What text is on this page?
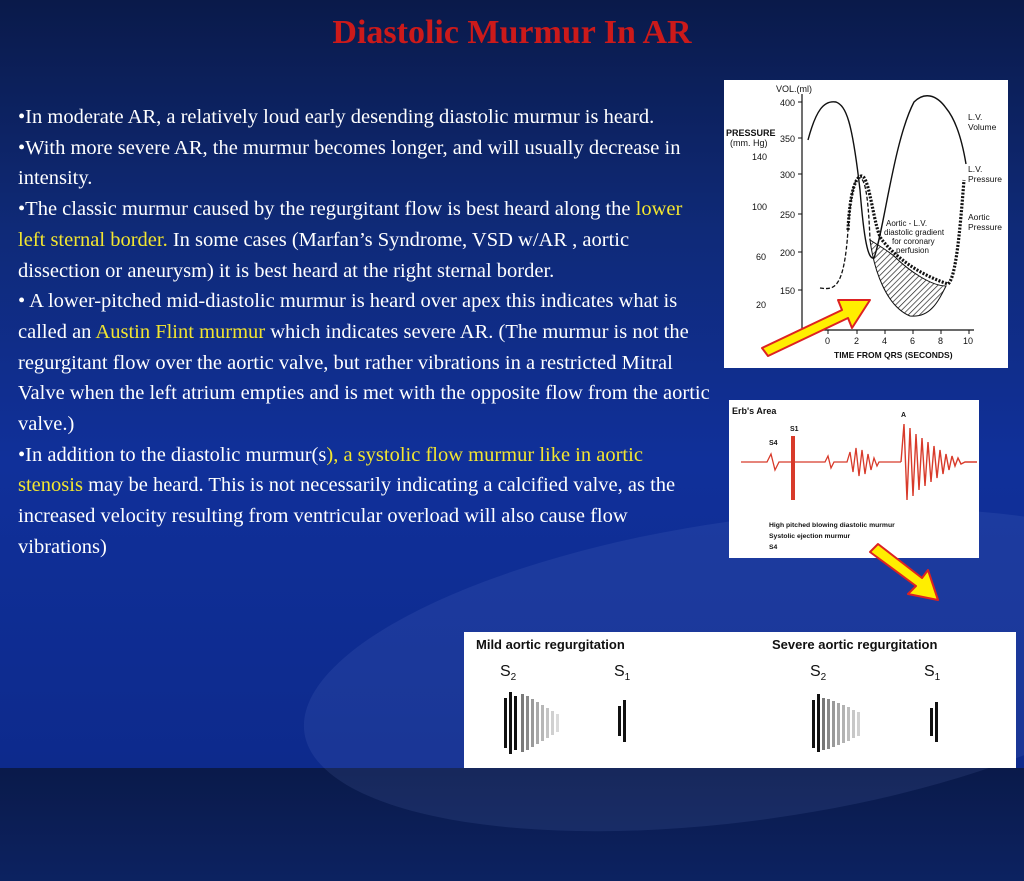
Diastolic Murmur In AR

•In moderate AR, a relatively loud early desending diastolic murmur is heard.

•With more severe AR, the murmur becomes longer, and will usually decrease in intensity.

•The classic murmur caused by the regurgitant flow is best heard along the lower left sternal border. In some cases (Marfan’s Syndrome, VSD w/AR , aortic dissection or aneurysm) it is best heard at the right sternal border.

• A lower-pitched mid-diastolic murmur is heard over apex this indicates what is called an Austin Flint murmur which indicates severe AR. (The murmur is not the regurgitant flow over the aortic valve, but rather vibrations in a restricted Mitral Valve when the left atrium empties and is met with the opposite flow from the aortic valve.)

•In addition to the diastolic murmur(s), a systolic flow murmur like in aortic stenosis may be heard. This is not necessarily indicating a calcified valve, as the increased velocity resulting from ventricular overload will also cause flow vibrations)

VOL.(ml)
PRESSURE
(mm. Hg)
400
350
300
250
200
150
140
100
60
20
0	2	4	6	8 10
TIME FROM QRS (SECONDS)
L.V.
Volume
L.V.
Pressure
Aortic
Pressure
Aortic - L.V.
diastolic gradient
for coronary
perfusion
Erb's Area
S1
S4
A
High pitched blowing diastolic murmur
Systolic ejection murmur
S4
Mild aortic regurgitation	Severe aortic regurgitation
$S_2$	$S_1$	$S_2$	$S_1$
